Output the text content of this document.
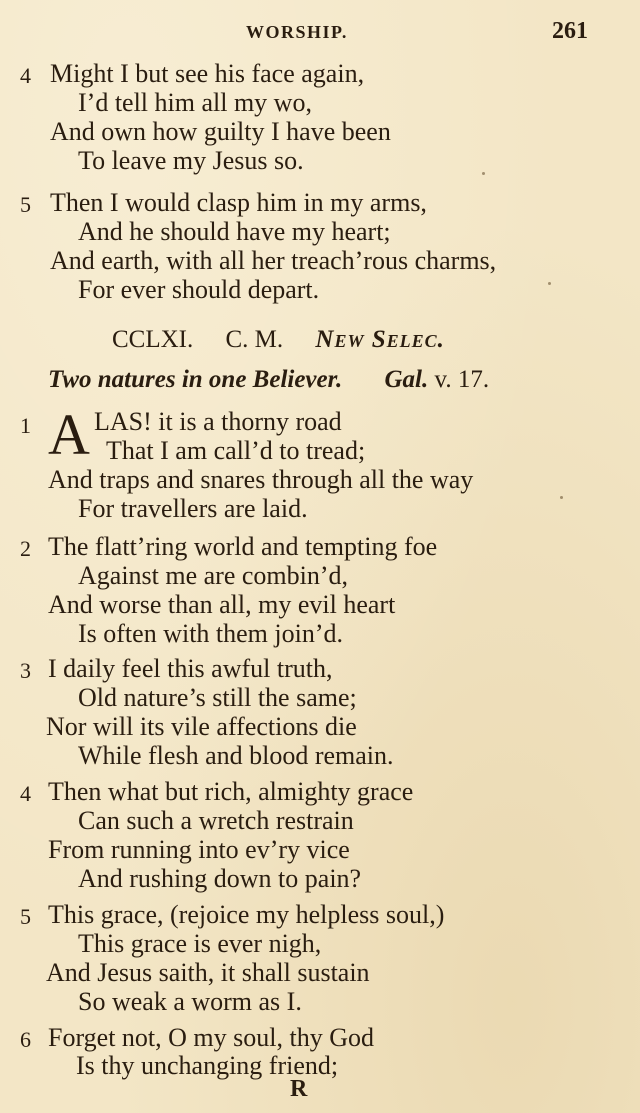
WORSHIP.	261
4 Might I but see his face again,
I’d tell him all my wo,
And own how guilty I have been
To leave my Jesus so.
5 Then I would clasp him in my arms,
And he should have my heart;
And earth, with all her treach’rous charms,
For ever should depart.
CCLXI. C. M. New Selec.
Two natures in one Believer. Gal. v. 17.
1 A LAS! it is a thorny road
That I am call’d to tread;
And traps and snares through all the way
For travellers are laid.
2 The flatt’ring world and tempting foe
Against me are combin’d,
And worse than all, my evil heart
Is often with them join’d.
3 I daily feel this awful truth,
Old nature’s still the same;
Nor will its vile affections die
While flesh and blood remain.
4 Then what but rich, almighty grace
Can such a wretch restrain
From running into ev’ry vice
And rushing down to pain?
5 This grace, (rejoice my helpless soul,)
This grace is ever nigh,
And Jesus saith, it shall sustain
So weak a worm as I.
6 Forget not, O my soul, thy God
Is thy unchanging friend;
R
